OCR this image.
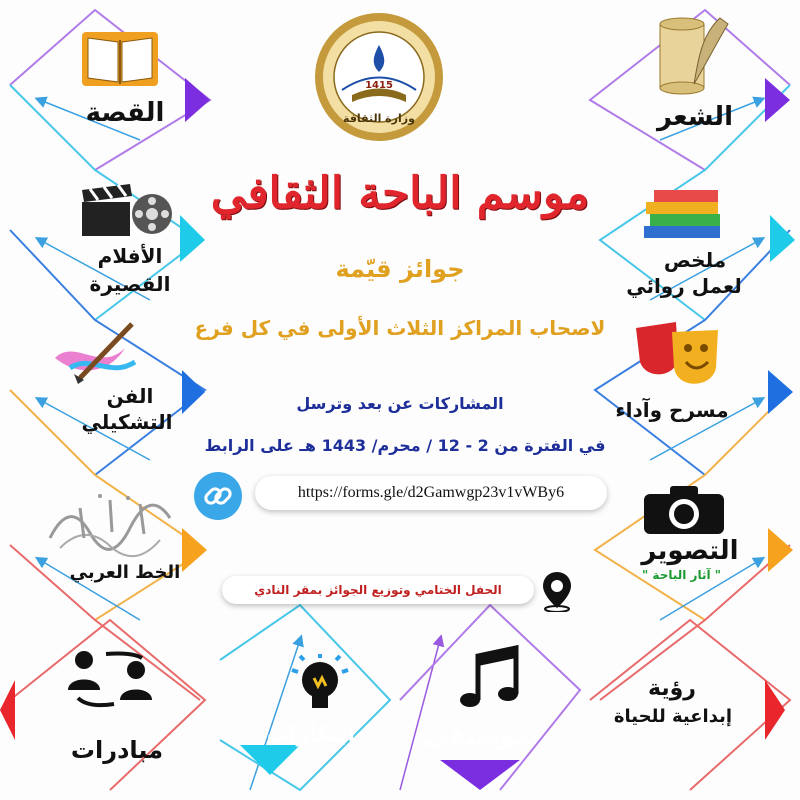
1415
وزارة الثقافة
موسم الباحة الثقافي
جوائز قيّمة
لاصحاب المراكز الثلاث الأولى في كل فرع
المشاركات عن بعد وترسل
في الفترة من 2 - 12 / محرم/ 1443 هـ على الرابط
https://forms.gle/d2Gamwgp23v1vWBy6
الحفل الختامي وتوزيع الجوائز بمقر النادي
القصة
الأفلام
القصيرة
الفن
التشكيلي
الخط العربي
مبادرات
الشعر
ملخص
لعمل روائي
مسرح وآداء
التصوير
" آثار الباحة "
رؤية
إبداعية للحياة
ابتكارات	موسيقى
